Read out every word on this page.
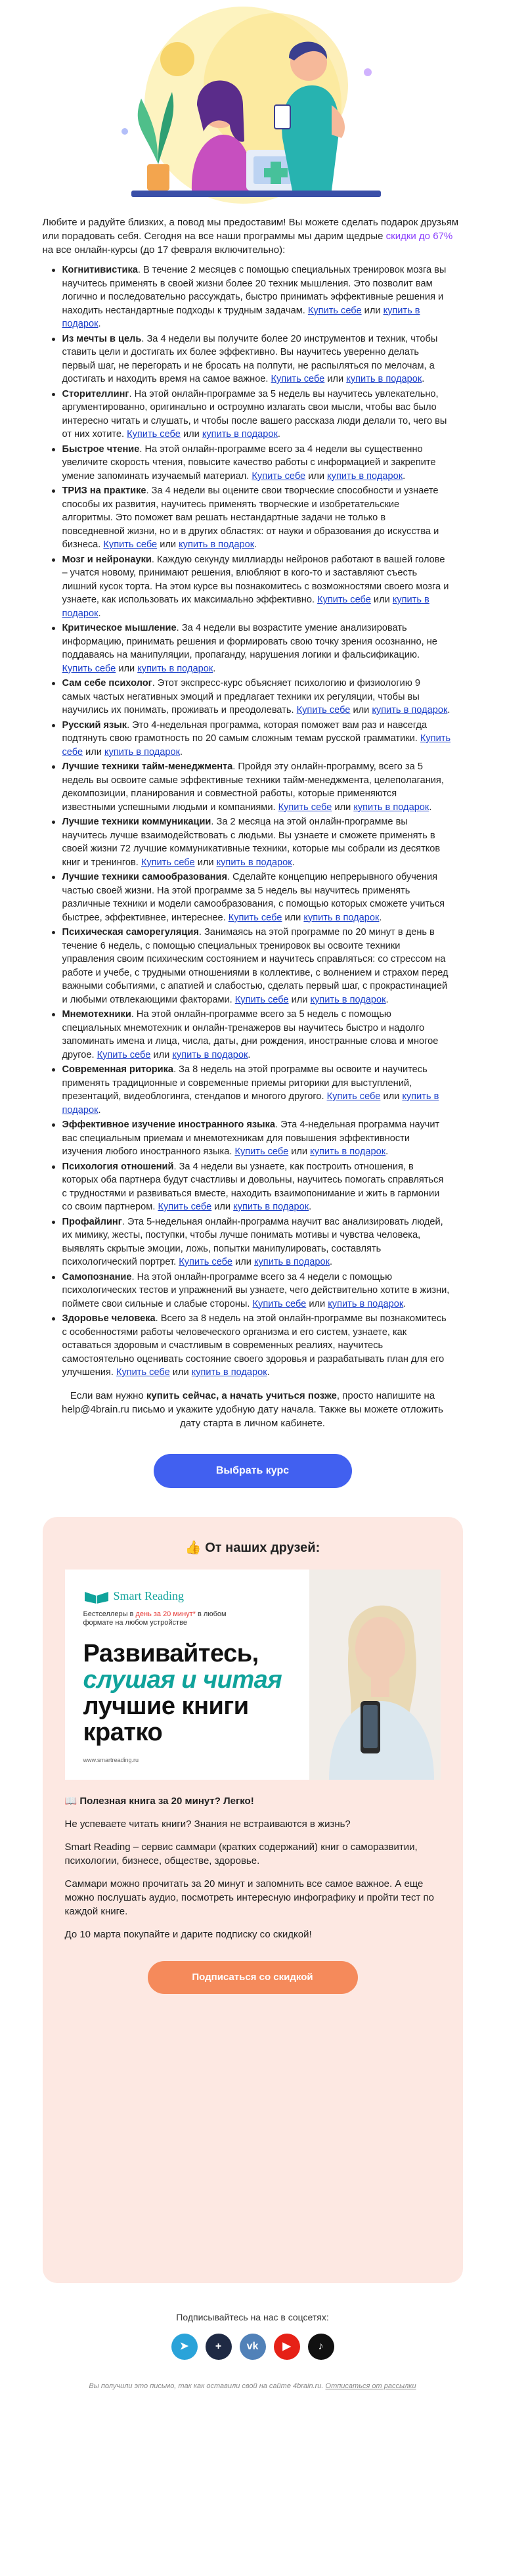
Любите и радуйте близких, а повод мы предоставим! Вы можете сделать подарок друзьям или порадовать себя. Сегодня на все наши программы мы дарим щедрые скидки до 67% на все онлайн-курсы (до 17 февраля включительно):

Когнитивистика. В течение 2 месяцев с помощью специальных тренировок мозга вы научитесь применять в своей жизни более 20 техник мышления. Это позволит вам логично и последовательно рассуждать, быстро принимать эффективные решения и находить нестандартные подходы к трудным задачам. Купить себе или купить в подарок.
Из мечты в цель. За 4 недели вы получите более 20 инструментов и техник, чтобы ставить цели и достигать их более эффективно. Вы научитесь уверенно делать первый шаг, не перегорать и не бросать на полпути, не распыляться по мелочам, а достигать и находить время на самое важное. Купить себе или купить в подарок.
Сторителлинг. На этой онлайн-программе за 5 недель вы научитесь увлекательно, аргументированно, оригинально и остроумно излагать свои мысли, чтобы вас было интересно читать и слушать, и чтобы после вашего рассказа люди делали то, чего вы от них хотите. Купить себе или купить в подарок.
Быстрое чтение. На этой онлайн-программе всего за 4 недели вы существенно увеличите скорость чтения, повысите качество работы с информацией и закрепите умение запоминать изучаемый материал. Купить себе или купить в подарок.
ТРИЗ на практике. За 4 недели вы оцените свои творческие способности и узнаете способы их развития, научитесь применять творческие и изобретательские алгоритмы. Это поможет вам решать нестандартные задачи не только в повседневной жизни, но и в других областях: от науки и образования до искусства и бизнеса. Купить себе или купить в подарок.
Мозг и нейронауки. Каждую секунду миллиарды нейронов работают в вашей голове – учатся новому, принимают решения, влюбляют в кого-то и заставляют съесть лишний кусок торта. На этом курсе вы познакомитесь с возможностями своего мозга и узнаете, как использовать их максимально эффективно. Купить себе или купить в подарок.
Критическое мышление. За 4 недели вы возрастите умение анализировать информацию, принимать решения и формировать свою точку зрения осознанно, не поддаваясь на манипуляции, пропаганду, нарушения логики и фальсификацию. Купить себе или купить в подарок.
Сам себе психолог. Этот экспресс-курс объясняет психологию и физиологию 9 самых частых негативных эмоций и предлагает техники их регуляции, чтобы вы научились их понимать, проживать и преодолевать. Купить себе или купить в подарок.
Русский язык. Это 4-недельная программа, которая поможет вам раз и навсегда подтянуть свою грамотность по 20 самым сложным темам русской грамматики. Купить себе или купить в подарок.
Лучшие техники тайм-менеджмента. Пройдя эту онлайн-программу, всего за 5 недель вы освоите самые эффективные техники тайм-менеджмента, целеполагания, декомпозиции, планирования и совместной работы, которые применяются известными успешными людьми и компаниями. Купить себе или купить в подарок.
Лучшие техники коммуникации. За 2 месяца на этой онлайн-программе вы научитесь лучше взаимодействовать с людьми. Вы узнаете и сможете применять в своей жизни 72 лучшие коммуникативные техники, которые мы собрали из десятков книг и тренингов. Купить себе или купить в подарок.
Лучшие техники самообразования. Сделайте концепцию непрерывного обучения частью своей жизни. На этой программе за 5 недель вы научитесь применять различные техники и модели самообразования, с помощью которых сможете учиться быстрее, эффективнее, интереснее. Купить себе или купить в подарок.
Психическая саморегуляция. Занимаясь на этой программе по 20 минут в день в течение 6 недель, с помощью специальных тренировок вы освоите техники управления своим психическим состоянием и научитесь справляться: со стрессом на работе и учебе, с трудными отношениями в коллективе, с волнением и страхом перед важными событиями, с апатией и слабостью, сделать первый шаг, с прокрастинацией и любыми отвлекающими факторами. Купить себе или купить в подарок.
Мнемотехники. На этой онлайн-программе всего за 5 недель с помощью специальных мнемотехник и онлайн-тренажеров вы научитесь быстро и надолго запоминать имена и лица, числа, даты, дни рождения, иностранные слова и многое другое. Купить себе или купить в подарок.
Современная риторика. За 8 недель на этой программе вы освоите и научитесь применять традиционные и современные приемы риторики для выступлений, презентаций, видеоблогинга, стендапов и многого другого. Купить себе или купить в подарок.
Эффективное изучение иностранного языка. Эта 4-недельная программа научит вас специальным приемам и мнемотехникам для повышения эффективности изучения любого иностранного языка. Купить себе или купить в подарок.
Психология отношений. За 4 недели вы узнаете, как построить отношения, в которых оба партнера будут счастливы и довольны, научитесь помогать справляться с трудностями и развиваться вместе, находить взаимопонимание и жить в гармонии со своим партнером. Купить себе или купить в подарок.
Профайлинг. Эта 5-недельная онлайн-программа научит вас анализировать людей, их мимику, жесты, поступки, чтобы лучше понимать мотивы и чувства человека, выявлять скрытые эмоции, ложь, попытки манипулировать, составлять психологический портрет. Купить себе или купить в подарок.
Самопознание. На этой онлайн-программе всего за 4 недели с помощью психологических тестов и упражнений вы узнаете, чего действительно хотите в жизни, поймете свои сильные и слабые стороны. Купить себе или купить в подарок.
Здоровье человека. Всего за 8 недель на этой онлайн-программе вы познакомитесь с особенностями работы человеческого организма и его систем, узнаете, как оставаться здоровым и счастливым в современных реалиях, научитесь самостоятельно оценивать состояние своего здоровья и разрабатывать план для его улучшения. Купить себе или купить в подарок.

Если вам нужно купить сейчас, а начать учиться позже, просто напишите на help@4brain.ru письмо и укажите удобную дату начала. Также вы можете отложить дату старта в личном кабинете.

Выбрать курс
👍 От наших друзей:
Smart Reading
Бестселлеры в день за 20 минут* в любом формате на любом устройстве
Развивайтесь,
слушая и читая
лучшие книги
кратко
www.smartreading.ru
📖 Полезная книга за 20 минут? Легко!

Не успеваете читать книги? Знания не встраиваются в жизнь?

Smart Reading – сервис саммари (кратких содержаний) книг о саморазвитии, психологии, бизнесе, обществе, здоровье.

Саммари можно прочитать за 20 минут и запомнить все самое важное. А еще можно послушать аудио, посмотреть интересную инфографику и пройти тест по каждой книге.

До 10 марта покупайте и дарите подписку со скидкой!

Подписаться со скидкой
Подписывайтесь на нас в соцсетях:
➤	+	vk	▶	♪
Вы получили это письмо, так как оставили свой на сайте 4brain.ru. Отписаться от рассылки
